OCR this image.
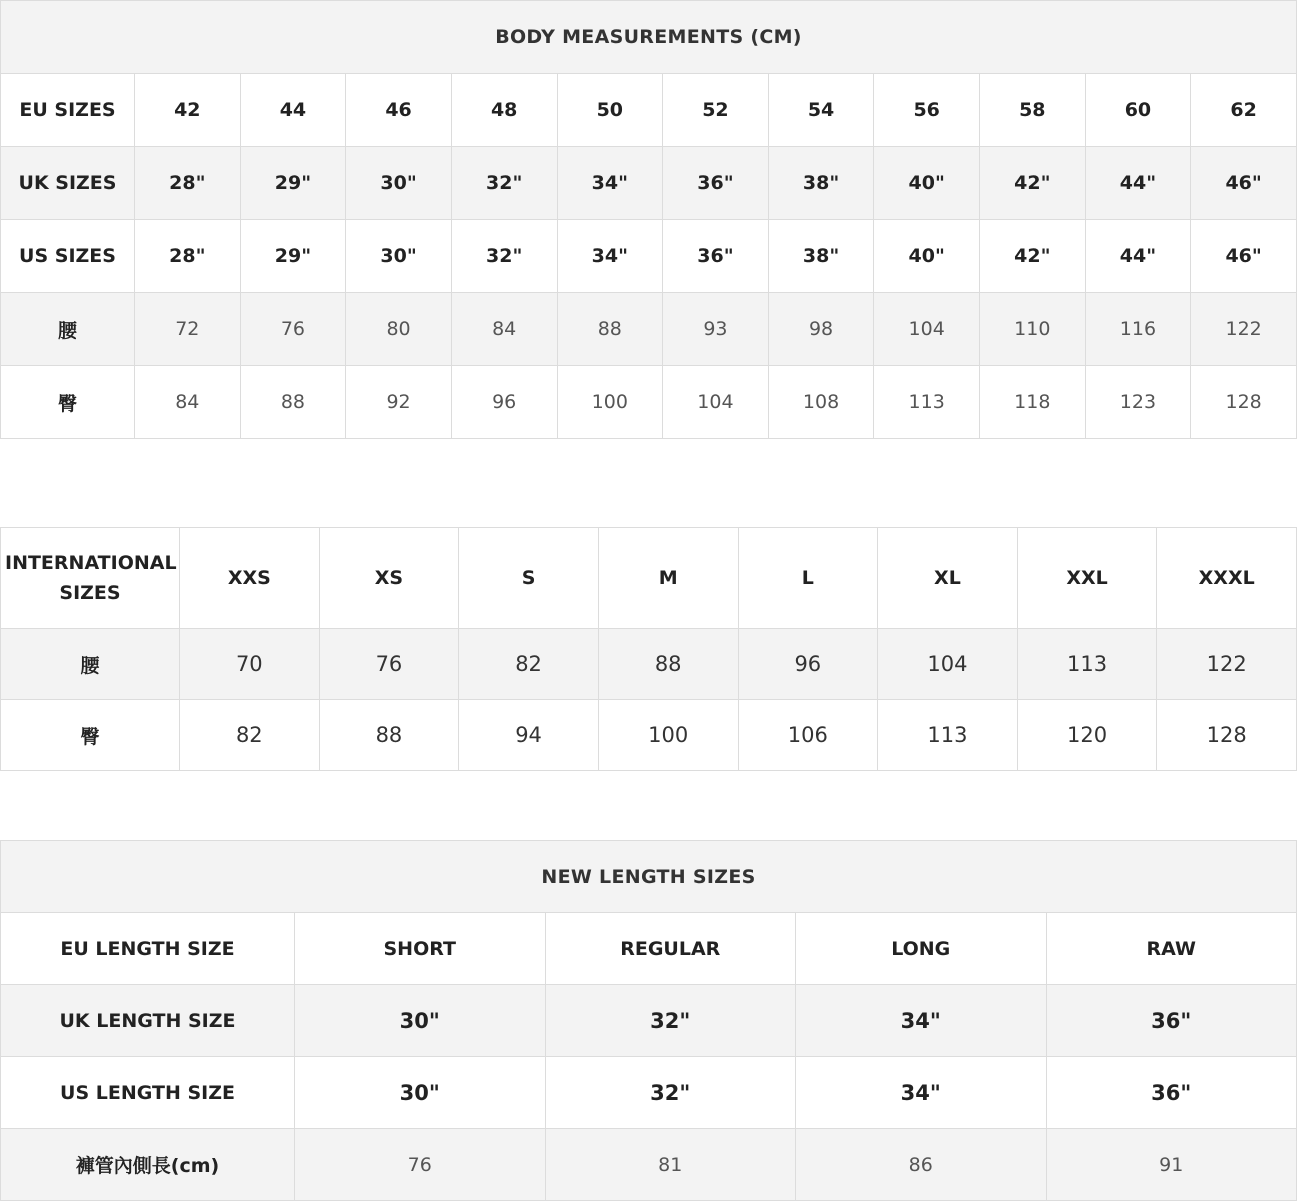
BODY MEASUREMENTS (CM)											
EU SIZES	42	44	46	48	50	52	54	56	58	60	62
UK SIZES	28"	29"	30"	32"	34"	36"	38"	40"	42"	44"	46"
US SIZES	28"	29"	30"	32"	34"	36"	38"	40"	42"	44"	46"
腰	72	76	80	84	88	93	98	104	110	116	122
臀	84	88	92	96	100	104	108	113	118	123	128
INTERNATIONAL SIZES	XXS	XS	S	M	L	XL	XXL	XXXL
腰	70	76	82	88	96	104	113	122
臀	82	88	94	100	106	113	120	128
NEW LENGTH SIZES				
EU LENGTH SIZE	SHORT	REGULAR	LONG	RAW
UK LENGTH SIZE	30"	32"	34"	36"
US LENGTH SIZE	30"	32"	34"	36"
褲管內側長(cm)	76	81	86	91
